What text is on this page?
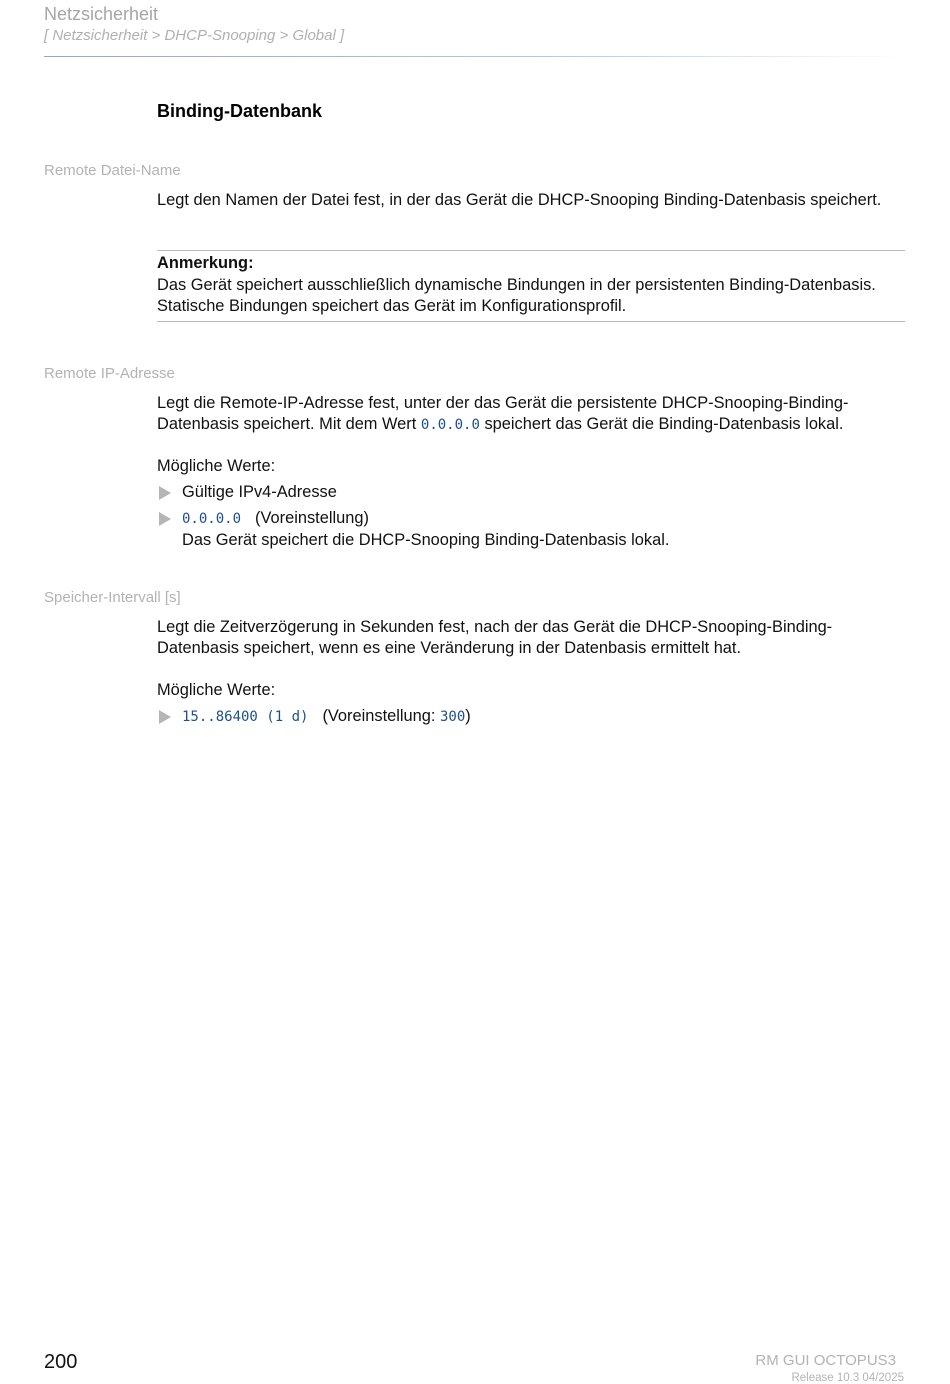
Netzsicherheit
[ Netzsicherheit > DHCP-Snooping > Global ]
Binding-Datenbank
Remote Datei-Name

Legt den Namen der Datei fest, in der das Gerät die DHCP-Snooping Binding-Datenbasis speichert.

Anmerkung:
Das Gerät speichert ausschließlich dynamische Bindungen in der persistenten Binding-Datenbasis. Statische Bindungen speichert das Gerät im Konfigurationsprofil.
Remote IP-Adresse

Legt die Remote-IP-Adresse fest, unter der das Gerät die persistente DHCP-Snooping-Binding-Datenbasis speichert. Mit dem Wert 0.0.0.0 speichert das Gerät die Binding-Datenbasis lokal.

Mögliche Werte:
Gültige IPv4-Adresse
0.0.0.0 (Voreinstellung)
Das Gerät speichert die DHCP-Snooping Binding-Datenbasis lokal.
Speicher-Intervall [s]

Legt die Zeitverzögerung in Sekunden fest, nach der das Gerät die DHCP-Snooping-Binding-Datenbasis speichert, wenn es eine Veränderung in der Datenbasis ermittelt hat.

Mögliche Werte:
15..86400 (1 d) (Voreinstellung: 300)
200	RM GUI OCTOPUS3
Release 10.3 04/2025
